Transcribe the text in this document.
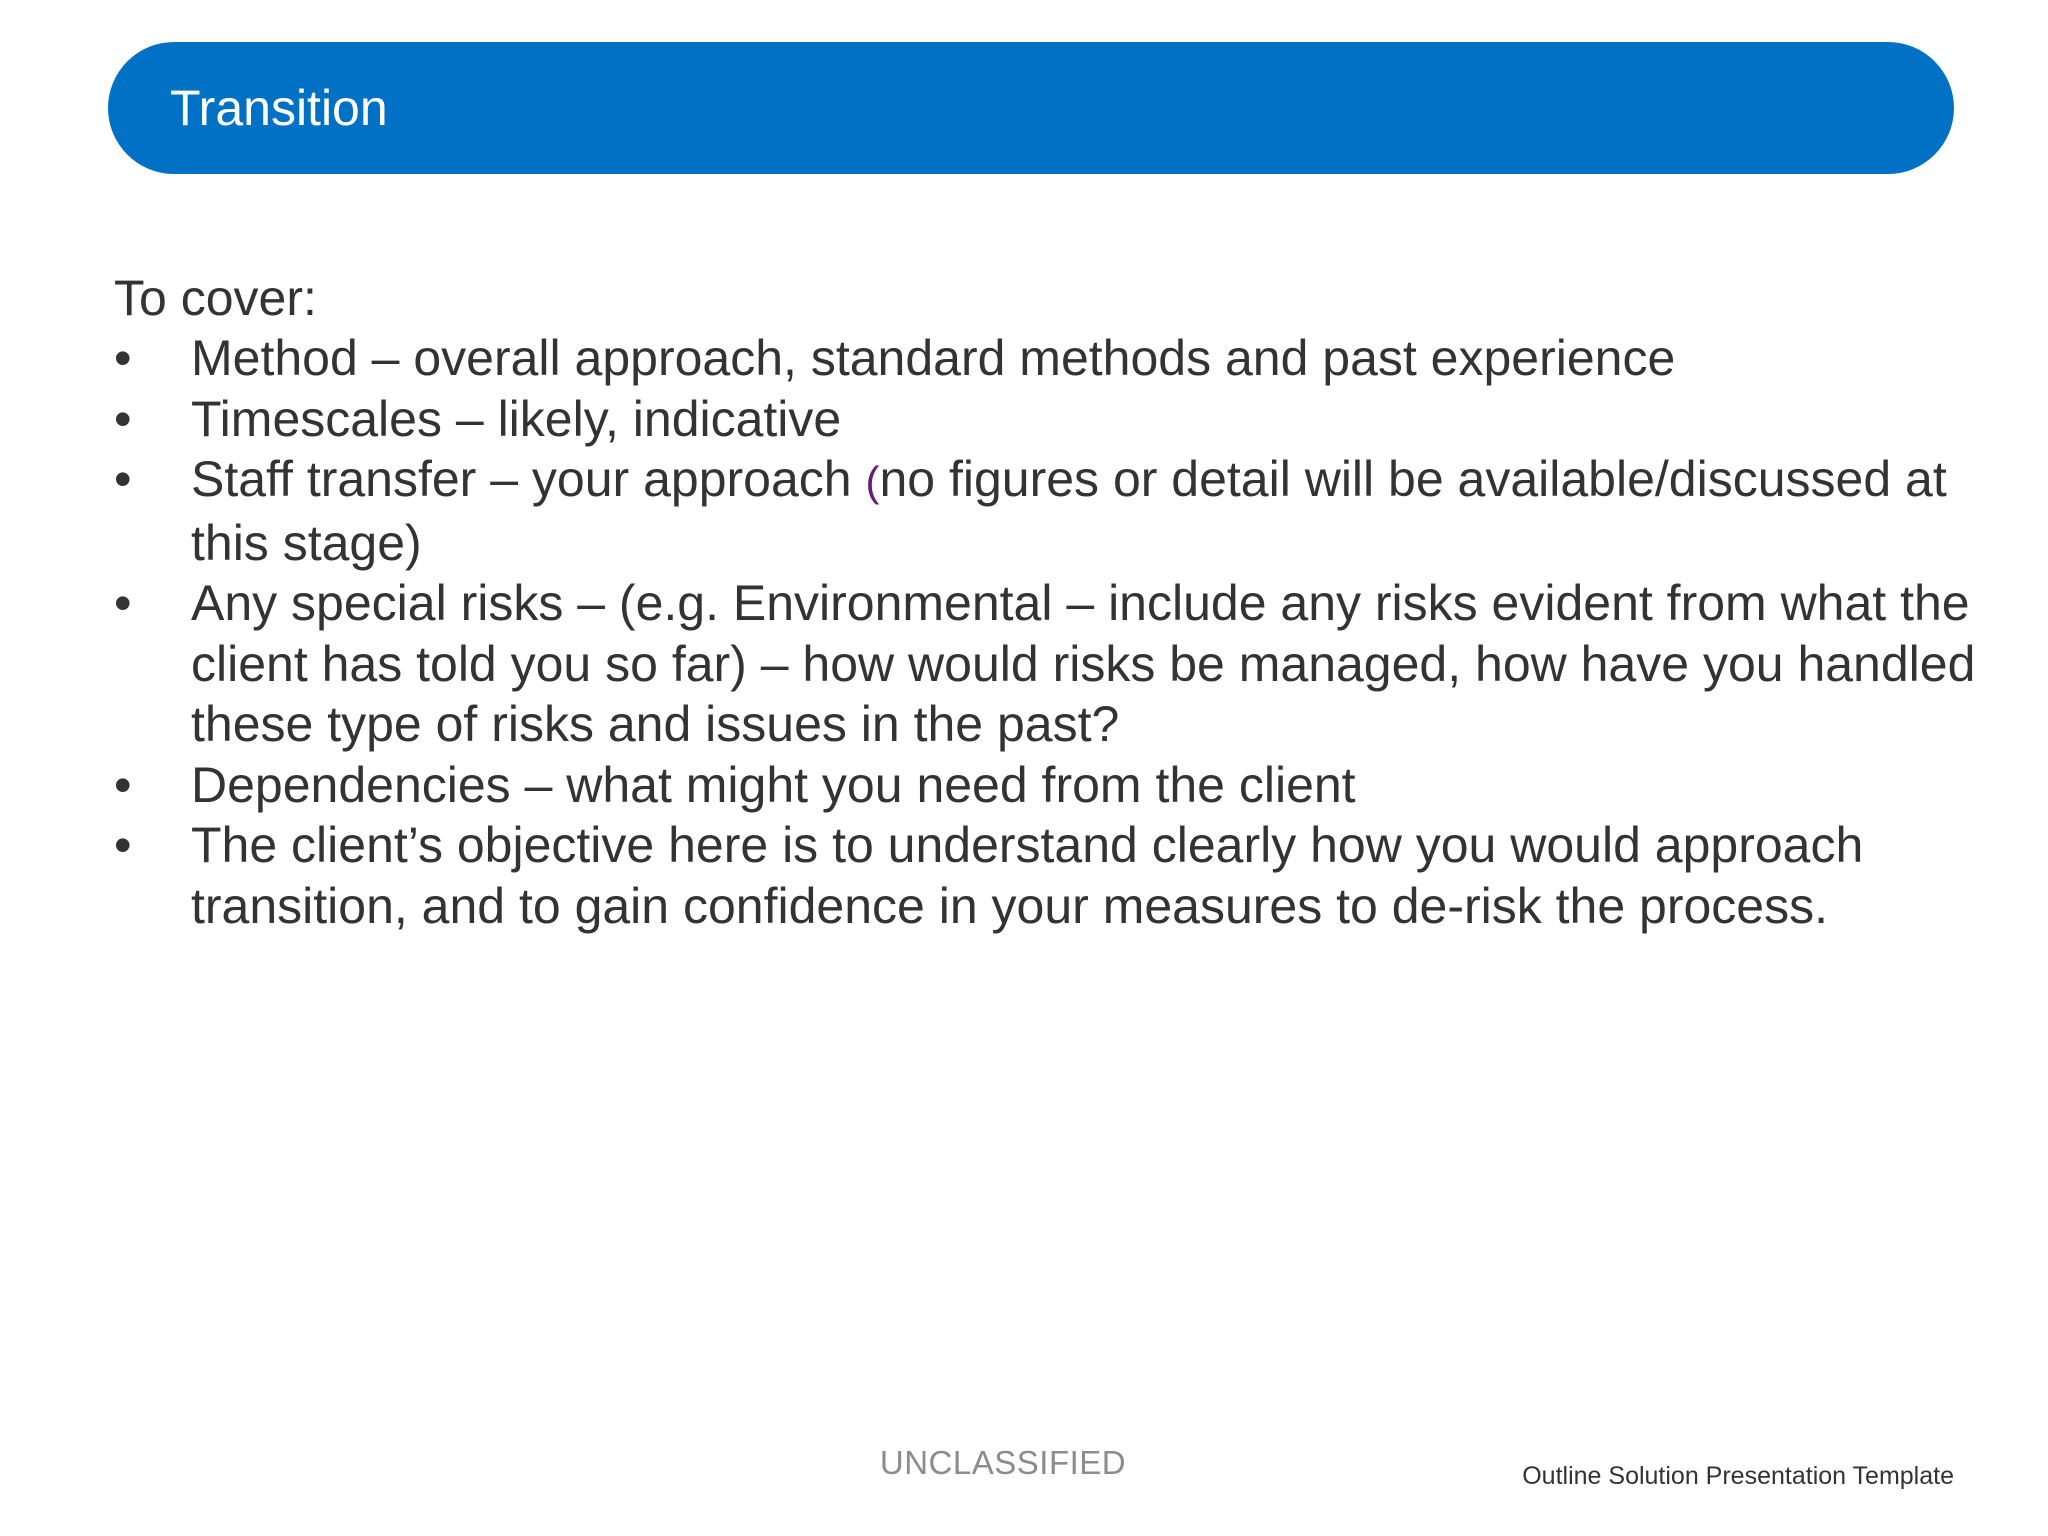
Transition

To cover:

•	Method – overall approach, standard methods and past experience
•	Timescales – likely, indicative
•	Staff transfer – your approach (no figures or detail will be available/discussed at this stage)
•	Any special risks – (e.g. Environmental – include any risks evident from what the client has told you so far) – how would risks be managed, how have you handled these type of risks and issues in the past?
•	Dependencies – what might you need from the client
•	The client’s objective here is to understand clearly how you would approach transition, and to gain confidence in your measures to de-risk the process.
UNCLASSIFIED	Outline Solution Presentation Template
